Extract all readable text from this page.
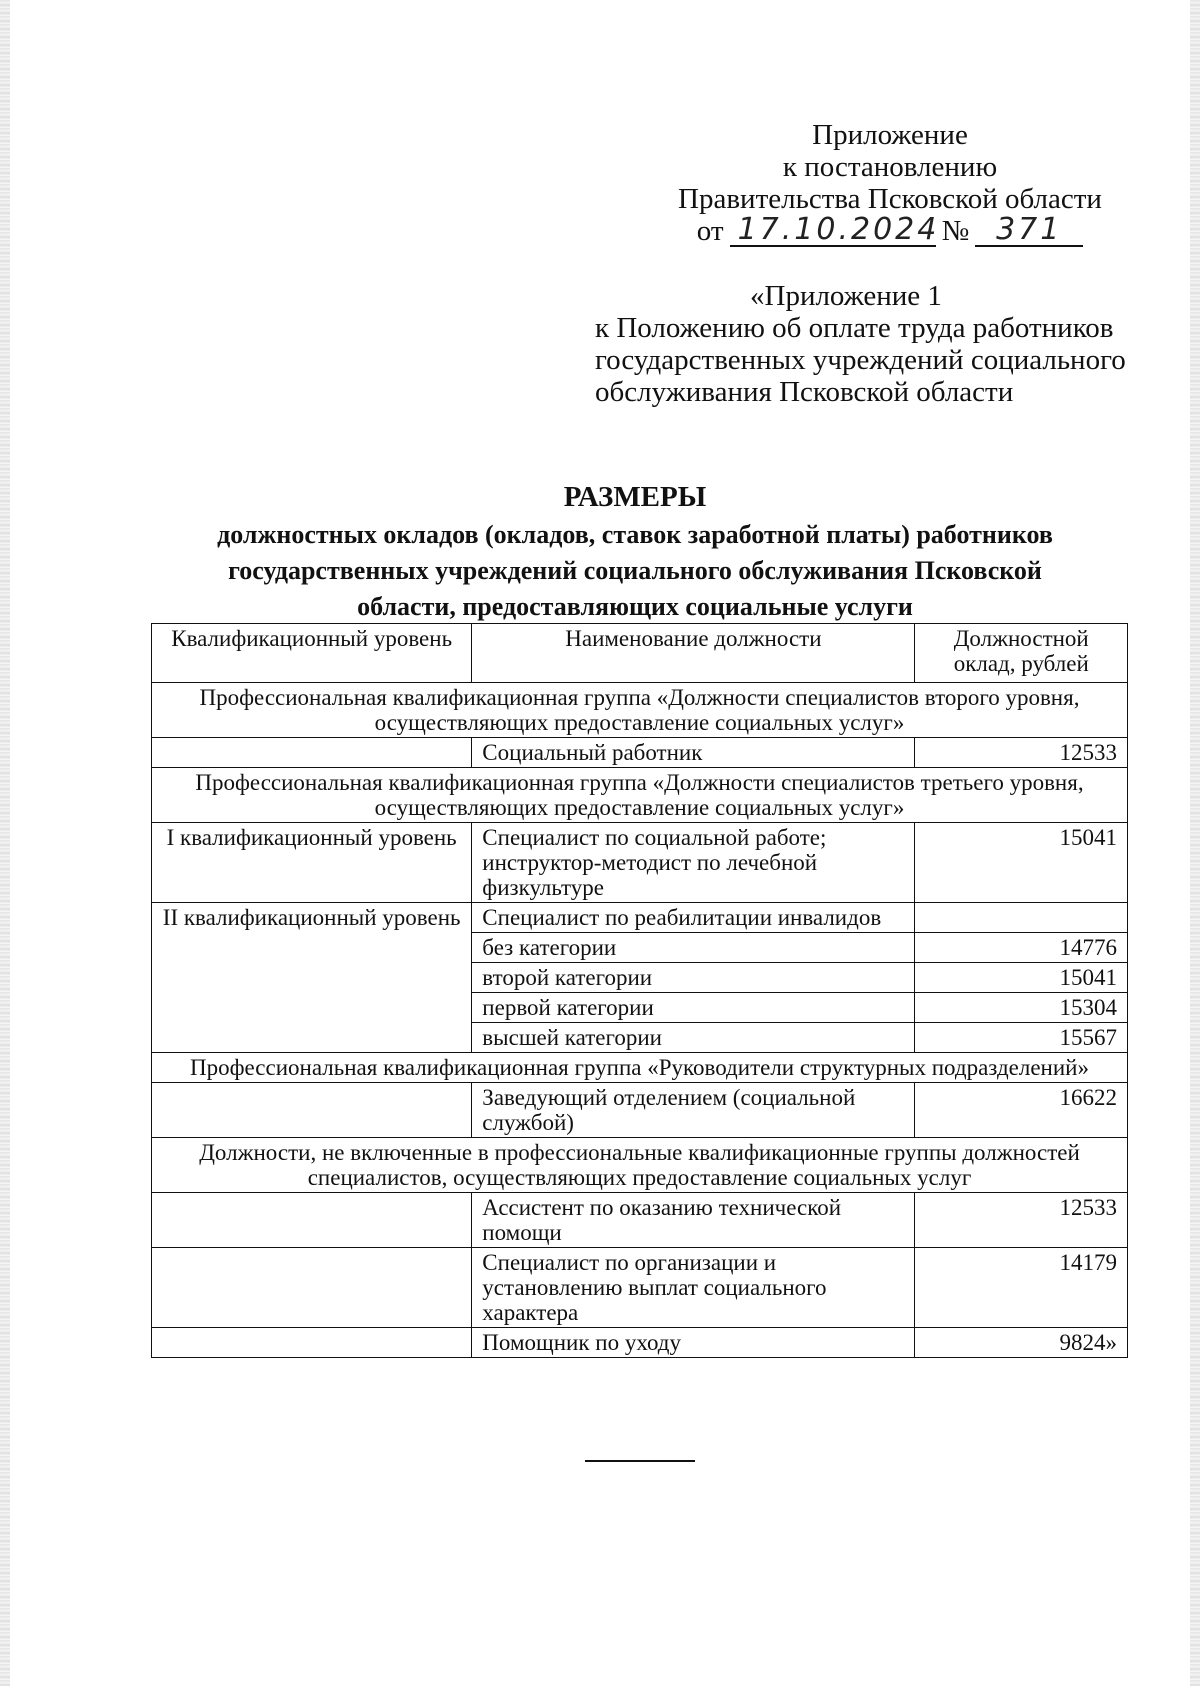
Приложение
к постановлению
Правительства Псковской области
от 17.10.2024 № 371
«Приложение 1
к Положению об оплате труда работников
государственных учреждений социального
обслуживания Псковской области
РАЗМЕРЫ
должностных окладов (окладов, ставок заработной платы) работников
государственных учреждений социального обслуживания Псковской
области, предоставляющих социальные услуги
Квалификационный уровень	Наименование должности	Должностной оклад, рублей
Профессиональная квалификационная группа «Должности специалистов второго уровня, осуществляющих предоставление социальных услуг»		
	Социальный работник	12533
Профессиональная квалификационная группа «Должности специалистов третьего уровня, осуществляющих предоставление социальных услуг»		
I квалификационный уровень	Специалист по социальной работе; инструктор-методист по лечебной физкультуре	15041
II квалификационный уровень	Специалист по реабилитации инвалидов	
	без категории	14776
	второй категории	15041
	первой категории	15304
	высшей категории	15567
Профессиональная квалификационная группа «Руководители структурных подразделений»		
	Заведующий отделением (социальной службой)	16622
Должности, не включенные в профессиональные квалификационные группы должностей специалистов, осуществляющих предоставление социальных услуг		
	Ассистент по оказанию технической помощи	12533
	Специалист по организации и установлению выплат социального характера	14179
	Помощник по уходу	9824»
